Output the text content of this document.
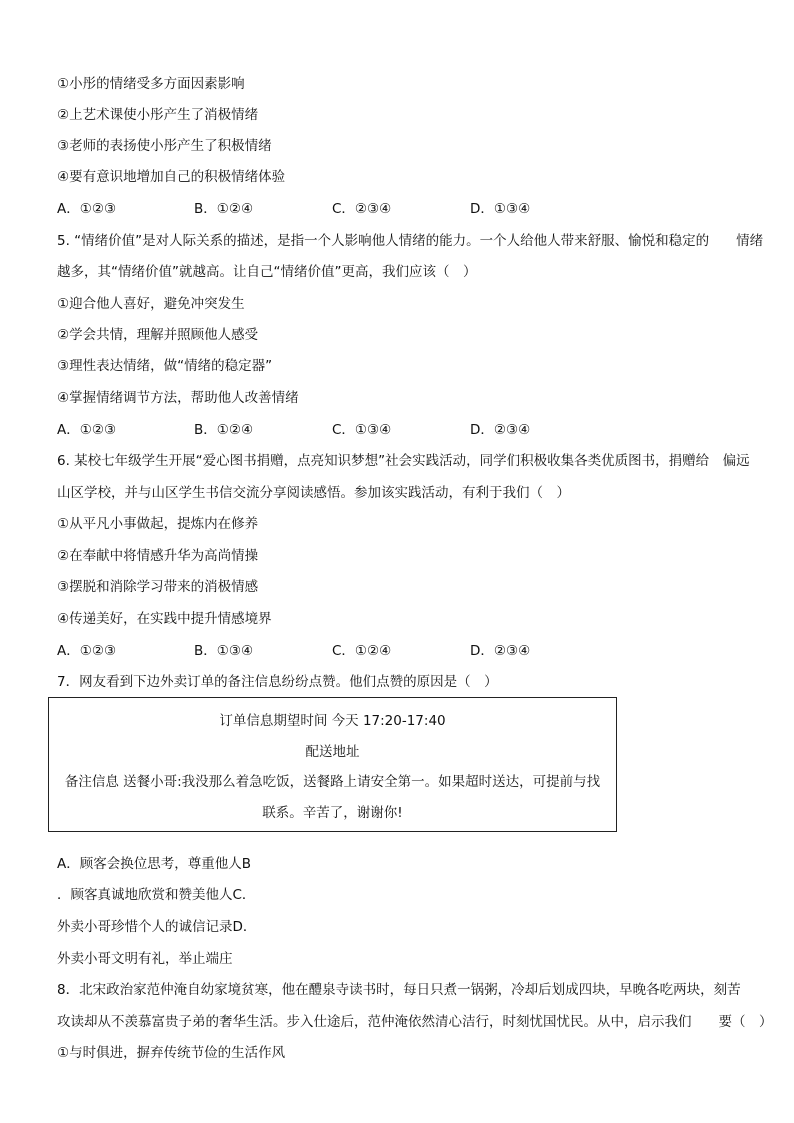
①小彤的情绪受多方面因素影响
②上艺术课使小彤产生了消极情绪
③老师的表扬使小彤产生了积极情绪
④要有意识地增加自己的积极情绪体验
A．①②③	B．①②④	C．②③④	D．①③④
5. “情绪价值”是对人际关系的描述，是指一个人影响他人情绪的能力。一个人给他人带来舒服、愉悦和稳定的　　情绪
越多，其“情绪价值”就越高。让自己“情绪价值”更高，我们应该（　）
①迎合他人喜好，避免冲突发生
②学会共情，理解并照顾他人感受
③理性表达情绪，做“情绪的稳定器”
④掌握情绪调节方法，帮助他人改善情绪
A．①②③	B．①②④	C．①③④	D．②③④
6. 某校七年级学生开展“爱心图书捐赠，点亮知识梦想”社会实践活动，同学们积极收集各类优质图书，捐赠给　偏远
山区学校，并与山区学生书信交流分享阅读感悟。参加该实践活动，有利于我们（　）
①从平凡小事做起，提炼内在修养
②在奉献中将情感升华为高尚情操
③摆脱和消除学习带来的消极情感
④传递美好，在实践中提升情感境界
A．①②③	B．①③④	C．①②④	D．②③④
7．网友看到下边外卖订单的备注信息纷纷点赞。他们点赞的原因是（　）
订单信息期望时间 今天 17:20-17:40
配送地址
备注信息 送餐小哥:我没那么着急吃饭，送餐路上请安全第一。如果超时送达，可提前与找
联系。辛苦了，谢谢你!
A．顾客会换位思考，尊重他人B
．顾客真诚地欣赏和赞美他人C．
外卖小哥珍惜个人的诚信记录D．
外卖小哥文明有礼，举止端庄
8．北宋政治家范仲淹自幼家境贫寒，他在醴泉寺读书时，每日只煮一锅粥，冷却后划成四块，早晚各吃两块，刻苦
攻读却从不羡慕富贵子弟的奢华生活。步入仕途后，范仲淹依然清心洁行，时刻忧国忧民。从中，启示我们　　要（　）
①与时俱进，摒弃传统节俭的生活作风
